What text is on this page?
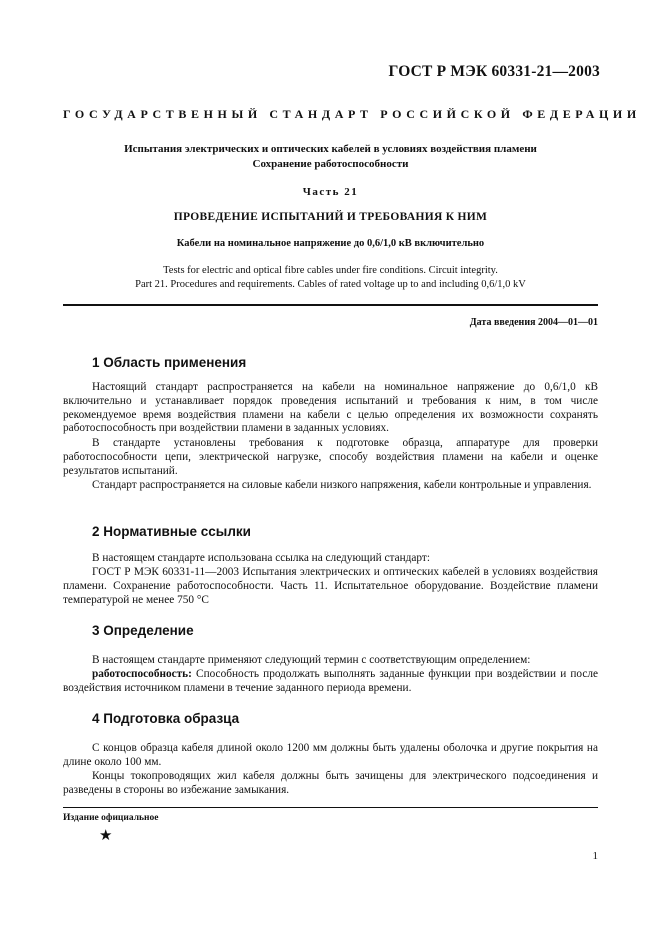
ГОСТ Р МЭК 60331-21—2003
ГОСУДАРСТВЕННЫЙ СТАНДАРТ РОССИЙСКОЙ ФЕДЕРАЦИИ
Испытания электрических и оптических кабелей в условиях воздействия пламени
Сохранение работоспособности
Часть 21
ПРОВЕДЕНИЕ ИСПЫТАНИЙ И ТРЕБОВАНИЯ К НИМ
Кабели на номинальное напряжение до 0,6/1,0 кВ включительно
Tests for electric and optical fibre cables under fire conditions. Circuit integrity.
Part 21. Procedures and requirements. Cables of rated voltage up to and including 0,6/1,0 kV
Дата введения 2004—01—01
1 Область применения

Настоящий стандарт распространяется на кабели на номинальное напряжение до 0,6/1,0 кВ включительно и устанавливает порядок проведения испытаний и требования к ним, в том числе рекомендуемое время воздействия пламени на кабели с целью определения их возможности сохранять работоспособность при воздействии пламени в заданных условиях.

В стандарте установлены требования к подготовке образца, аппаратуре для проверки работоспособности цепи, электрической нагрузке, способу воздействия пламени на кабели и оценке результатов испытаний.

Стандарт распространяется на силовые кабели низкого напряжения, кабели контрольные и управления.

2 Нормативные ссылки

В настоящем стандарте использована ссылка на следующий стандарт:

ГОСТ Р МЭК 60331-11—2003 Испытания электрических и оптических кабелей в условиях воздействия пламени. Сохранение работоспособности. Часть 11. Испытательное оборудование. Воздействие пламени температурой не менее 750 °С

3 Определение

В настоящем стандарте применяют следующий термин с соответствующим определением:

работоспособность: Способность продолжать выполнять заданные функции при воздействии и после воздействия источником пламени в течение заданного периода времени.

4 Подготовка образца

С концов образца кабеля длиной около 1200 мм должны быть удалены оболочка и другие покрытия на длине около 100 мм.

Концы токопроводящих жил кабеля должны быть зачищены для электрического подсоединения и разведены в стороны во избежание замыкания.

Издание официальное
★
1
